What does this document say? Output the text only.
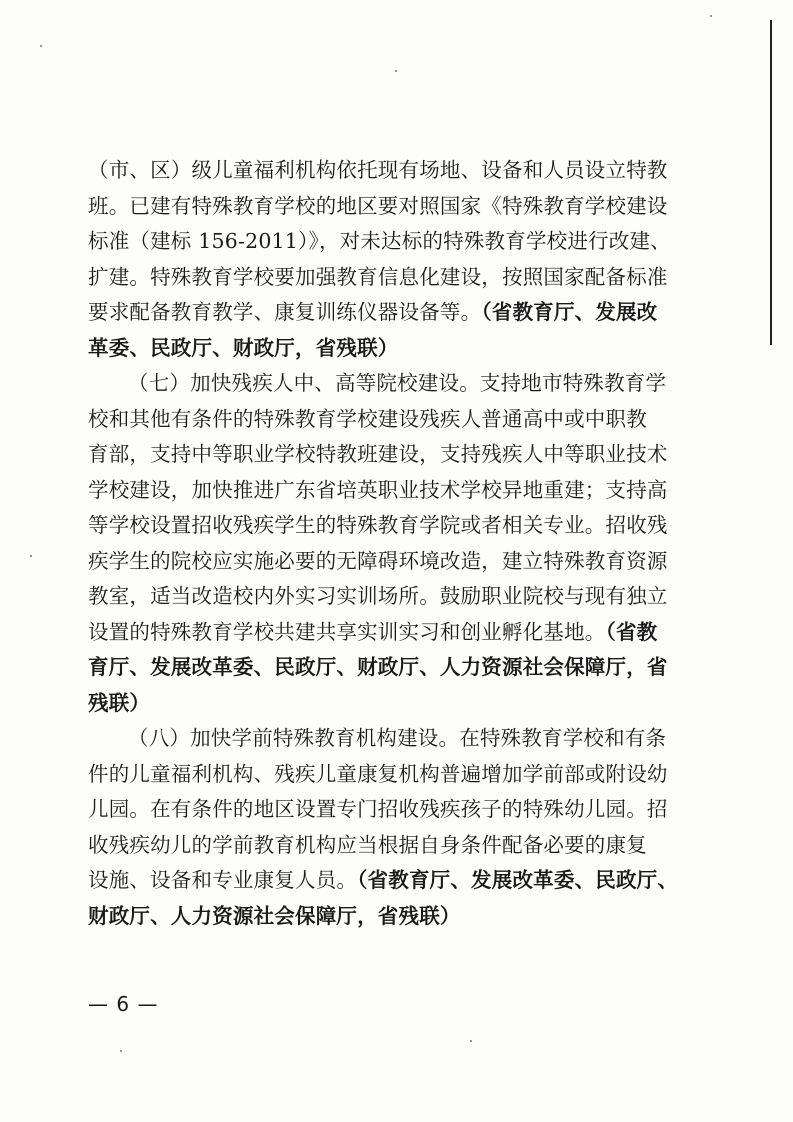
（市、区）级儿童福利机构依托现有场地、设备和人员设立特教
班。已建有特殊教育学校的地区要对照国家《特殊教育学校建设
标准（建标 156-2011）》，对未达标的特殊教育学校进行改建、
扩建。特殊教育学校要加强教育信息化建设，按照国家配备标准
要求配备教育教学、康复训练仪器设备等。（省教育厅、发展改
革委、民政厅、财政厅，省残联）
（七）加快残疾人中、高等院校建设。支持地市特殊教育学
校和其他有条件的特殊教育学校建设残疾人普通高中或中职教
育部，支持中等职业学校特教班建设，支持残疾人中等职业技术
学校建设，加快推进广东省培英职业技术学校异地重建；支持高
等学校设置招收残疾学生的特殊教育学院或者相关专业。招收残
疾学生的院校应实施必要的无障碍环境改造，建立特殊教育资源
教室，适当改造校内外实习实训场所。鼓励职业院校与现有独立
设置的特殊教育学校共建共享实训实习和创业孵化基地。（省教
育厅、发展改革委、民政厅、财政厅、人力资源社会保障厅，省
残联）
（八）加快学前特殊教育机构建设。在特殊教育学校和有条
件的儿童福利机构、残疾儿童康复机构普遍增加学前部或附设幼
儿园。在有条件的地区设置专门招收残疾孩子的特殊幼儿园。招
收残疾幼儿的学前教育机构应当根据自身条件配备必要的康复
设施、设备和专业康复人员。（省教育厅、发展改革委、民政厅、
财政厅、人力资源社会保障厅，省残联）
— 6 —
